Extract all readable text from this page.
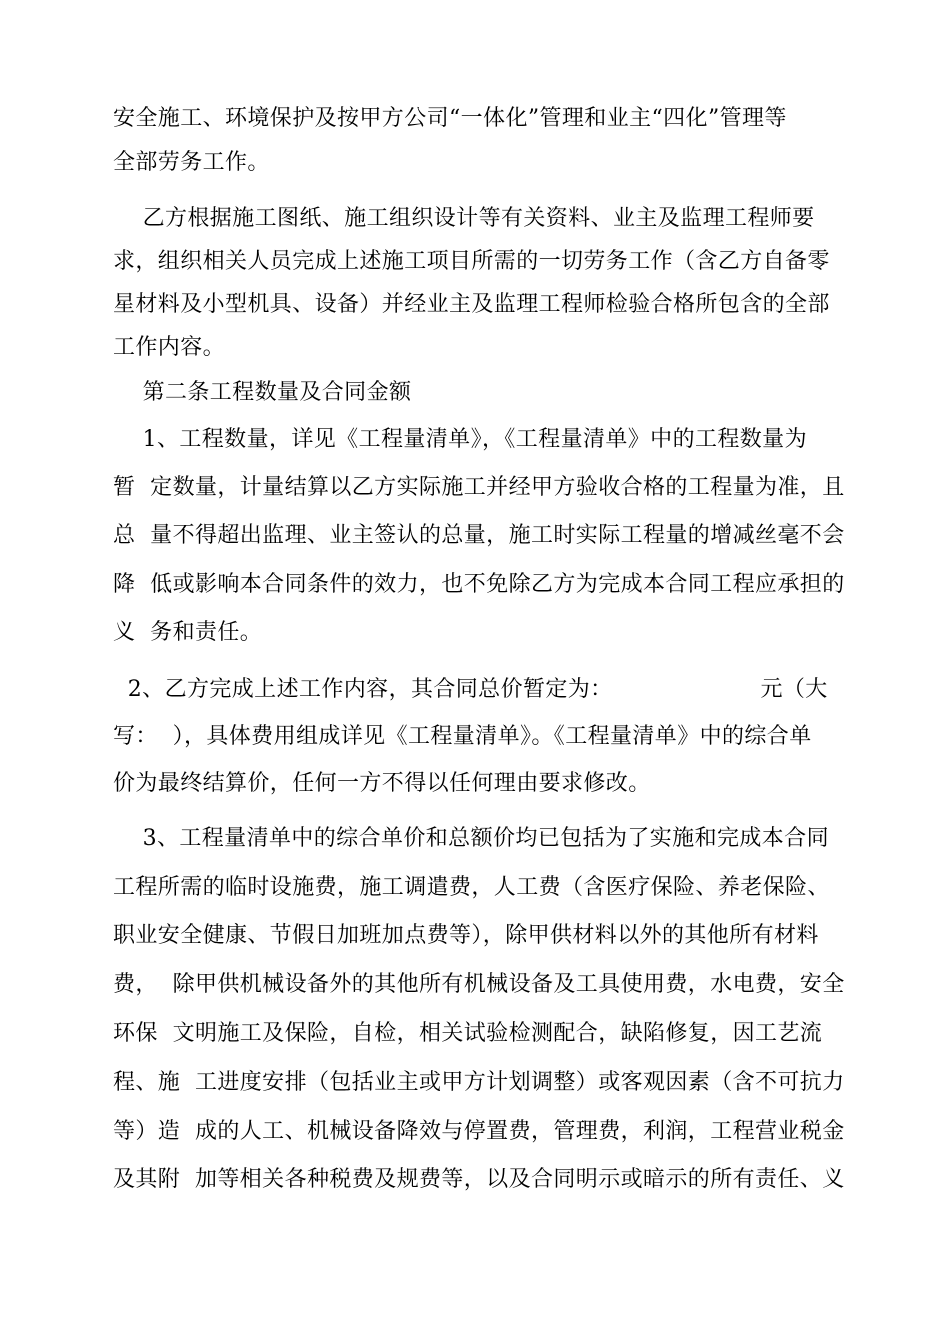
安全施工、环境保护及按甲方公司“一体化”管理和业主“四化”管理等
全部劳务工作。
乙方根据施工图纸、施工组织设计等有关资料、业主及监理工程师要
求，组织相关人员完成上述施工项目所需的一切劳务工作（含乙方自备零
星材料及小型机具、设备）并经业主及监理工程师检验合格所包含的全部
工作内容。
第二条工程数量及合同金额
1、工程数量，详见《工程量清单》，《工程量清单》中的工程数量为
暂  定数量，计量结算以乙方实际施工并经甲方验收合格的工程量为准，且
总  量不得超出监理、业主签认的总量，施工时实际工程量的增减丝毫不会
降  低或影响本合同条件的效力，也不免除乙方为完成本合同工程应承担的
义  务和责任。
2、乙方完成上述工作内容，其合同总价暂定为：                    元（大
写：  ），具体费用组成详见《工程量清单》。《工程量清单》中的综合单
价为最终结算价，任何一方不得以任何理由要求修改。
3、工程量清单中的综合单价和总额价均已包括为了实施和完成本合同
工程所需的临时设施费，施工调遣费，人工费（含医疗保险、养老保险、
职业安全健康、节假日加班加点费等），除甲供材料以外的其他所有材料
费，  除甲供机械设备外的其他所有机械设备及工具使用费，水电费，安全
环保  文明施工及保险，自检，相关试验检测配合，缺陷修复，因工艺流
程、施  工进度安排（包括业主或甲方计划调整）或客观因素（含不可抗力
等）造  成的人工、机械设备降效与停置费，管理费，利润，工程营业税金
及其附  加等相关各种税费及规费等，以及合同明示或暗示的所有责任、义
